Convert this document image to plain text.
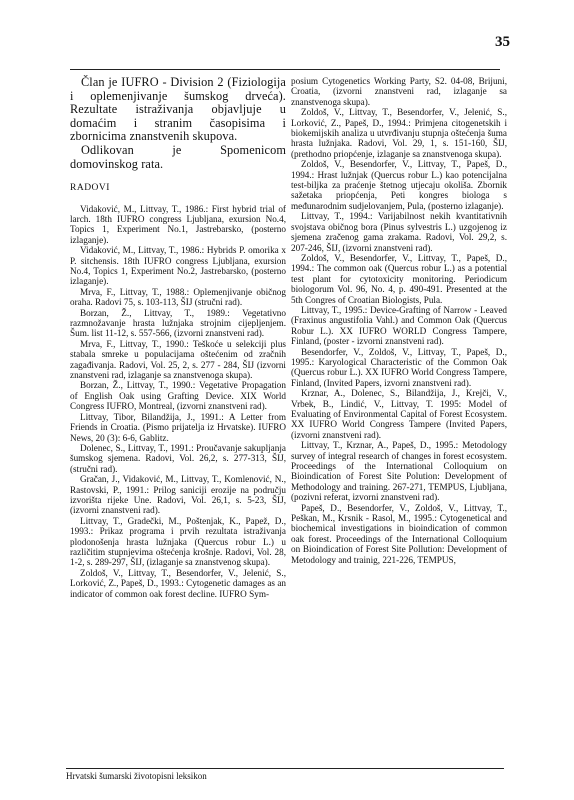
35

Član je IUFRO - Division 2 (Fiziologija i oplemenjivanje šumskog drveća). Rezultate istraživanja objavljuje u domaćim i stranim časopisima i zbornicima znanstvenih skupova.

Odlikovan je Spomenicom domovinskog rata.

RADOVI

Vidaković, M., Littvay, T., 1986.: First hybrid trial of larch. 18th IUFRO congress Ljubljana, exursion No.4, Topics 1, Experiment No.1, Jastrebarsko, (posterno izlaganje).

Vidaković, M., Littvay, T., 1986.: Hybrids P. omorika x P. sitchensis. 18th IUFRO congress Ljubljana, exursion No.4, Topics 1, Experiment No.2, Jastrebarsko, (posterno izlaganje).

Mrva, F., Littvay, T., 1988.: Oplemenjivanje običnog oraha. Radovi 75, s. 103-113, ŠIJ (stručni rad).

Borzan, Ž., Littvay, T., 1989.: Vegetativno razmnožavanje hrasta lužnjaka strojnim cijepljenjem. Šum. list 11-12, s. 557-566, (izvorni znanstveni rad).

Mrva, F., Littvay, T., 1990.: Teškoće u selekciji plus stabala smreke u populacijama oštećenim od zračnih zagađivanja. Radovi, Vol. 25, 2, s. 277 - 284, ŠIJ (izvorni znanstveni rad, izlaganje sa znanstvenoga skupa).

Borzan, Ž., Littvay, T., 1990.: Vegetative Propagation of English Oak using Grafting Device. XIX World Congress IUFRO, Montreal, (izvorni znanstveni rad).

Littvay, Tibor, Bilandžija, J., 1991.: A Letter from Friends in Croatia. (Pismo prijatelja iz Hrvatske). IUFRO News, 20 (3): 6-6, Gablitz.

Dolenec, S., Littvay, T., 1991.: Proučavanje sakupljanja šumskog sjemena. Radovi, Vol. 26,2, s. 277-313, ŠIJ, (stručni rad).

Gračan, J., Vidaković, M., Littvay, T., Komlenović, N., Rastovski, P., 1991.: Prilog saniciji erozije na području izvorišta rijeke Une. Radovi, Vol. 26,1, s. 5-23, ŠIJ, (izvorni znanstveni rad).

Littvay, T., Gradečki, M., Poštenjak, K., Papež, D., 1993.: Prikaz programa i prvih rezultata istraživanja plodonošenja hrasta lužnjaka (Quercus robur L.) u različitim stupnjevima oštećenja krošnje. Radovi, Vol. 28, 1-2, s. 289-297, ŠIJ, (izlaganje sa znanstvenog skupa).

Zoldoš, V., Littvay, T., Besendorfer, V., Jelenić, S., Lorković, Z., Papeš, D., 1993.: Cytogenetic damages as an indicator of common oak forest decline. IUFRO Sym-

posium Cytogenetics Working Party, S2. 04-08, Brijuni, Croatia, (izvorni znanstveni rad, izlaganje sa znanstvenoga skupa).

Zoldoš, V., Littvay, T., Besendorfer, V., Jelenić, S., Lorković, Z., Papeš, D., 1994.: Primjena citogenetskih i biokemijskih analiza u utvrđivanju stupnja oštećenja šuma hrasta lužnjaka. Radovi, Vol. 29, 1, s. 151-160, ŠIJ, (prethodno priopćenje, izlaganje sa znanstvenoga skupa).

Zoldoš, V., Besendorfer, V., Littvay, T., Papeš, D., 1994.: Hrast lužnjak (Quercus robur L.) kao potencijalna test-biljka za praćenje štetnog utjecaju okoliša. Zbornik sažetaka priopćenja, Peti kongres biologa s međunarodnim sudjelovanjem, Pula, (posterno izlaganje).

Littvay, T., 1994.: Varijabilnost nekih kvantitativnih svojstava običnog bora (Pinus sylvestris L.) uzgojenog iz sjemena zračenog gama zrakama. Radovi, Vol. 29,2, s. 207-246, ŠIJ, (izvorni znanstveni rad).

Zoldoš, V., Besendorfer, V., Littvay, T., Papeš, D., 1994.: The common oak (Quercus robur L.) as a potential test plant for cytotoxicity monitoring. Periodicum biologorum Vol. 96, No. 4, p. 490-491. Presented at the 5th Congres of Croatian Biologists, Pula.

Littvay, T., 1995.: Device-Grafting of Narrow - Leaved (Fraxinus angustifolia Vahl.) and Common Oak (Quercus Robur L.). XX IUFRO WORLD Congress Tampere, Finland, (poster - izvorni znanstveni rad).

Besendorfer, V., Zoldoš, V., Littvay, T., Papeš, D., 1995.: Karyological Characteristic of the Common Oak (Quercus robur L.). XX IUFRO World Congress Tampere, Finland, (Invited Papers, izvorni znanstveni rad).

Krznar, A., Dolenec, S., Bilandžija, J., Krejči, V., Vrbek, B., Lindić, V., Littvay, T. 1995: Model of Evaluating of Environmental Capital of Forest Ecosystem. XX IUFRO World Congress Tampere (Invited Papers, (izvorni znanstveni rad).

Littvay, T., Krznar, A., Papeš, D., 1995.: Metodology survey of integral research of changes in forest ecosystem. Proceedings of the International Colloquium on Bioindication of Forest Site Polution: Development of Methodology and training. 267-271, TEMPUS, Ljubljana, (pozivni referat, izvorni znanstveni rad).

Papeš, D., Besendorfer, V., Zoldoš, V., Littvay, T., Peškan, M., Krsnik - Rasol, M., 1995.: Cytogenetical and biochemical investigations in bioindication of common oak forest. Proceedings of the International Colloquium on Bioindication of Forest Site Pollution: Development of Metodology and trainig, 221-226, TEMPUS,

Hrvatski šumarski životopisni leksikon
